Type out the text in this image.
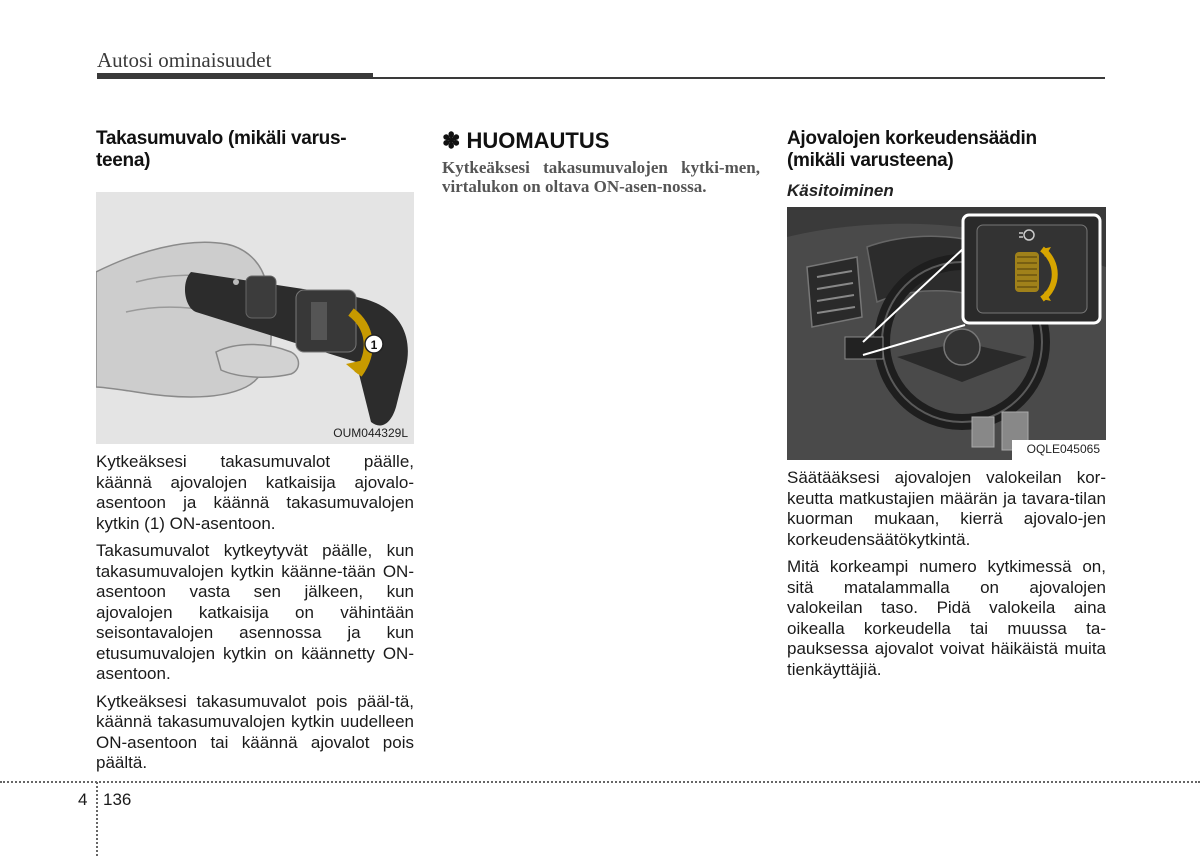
Autosi ominaisuudet
Takasumuvalo (mikäli varus-
teena)
1
OUM044329L

Kytkeäksesi takasumuvalot päälle, käännä ajovalojen katkaisija ajovalo-asentoon ja käännä takasumuvalojen kytkin (1) ON-asentoon.

Takasumuvalot kytkeytyvät päälle, kun takasumuvalojen kytkin käänne-tään ON-asentoon vasta sen jälkeen, kun ajovalojen katkaisija on vähintään seisontavalojen asennossa ja kun etusumuvalojen kytkin on käännetty ON-asentoon.

Kytkeäksesi takasumuvalot pois pääl-tä, käännä takasumuvalojen kytkin uudelleen ON-asentoon tai käännä ajovalot pois päältä.

✽ HUOMAUTUS

Kytkeäksesi takasumuvalojen kytki-men, virtalukon on oltava ON-asen-nossa.

Ajovalojen korkeudensäädin
(mikäli varusteena)

Käsitoiminen

OQLE045065

Säätääksesi ajovalojen valokeilan kor-keutta matkustajien määrän ja tavara-tilan kuorman mukaan, kierrä ajovalo-jen korkeudensäätökytkintä.

Mitä korkeampi numero kytkimessä on, sitä matalammalla on ajovalojen valokeilan taso. Pidä valokeila aina oikealla korkeudella tai muussa ta-pauksessa ajovalot voivat häikäistä muita tienkäyttäjiä.

4 136
